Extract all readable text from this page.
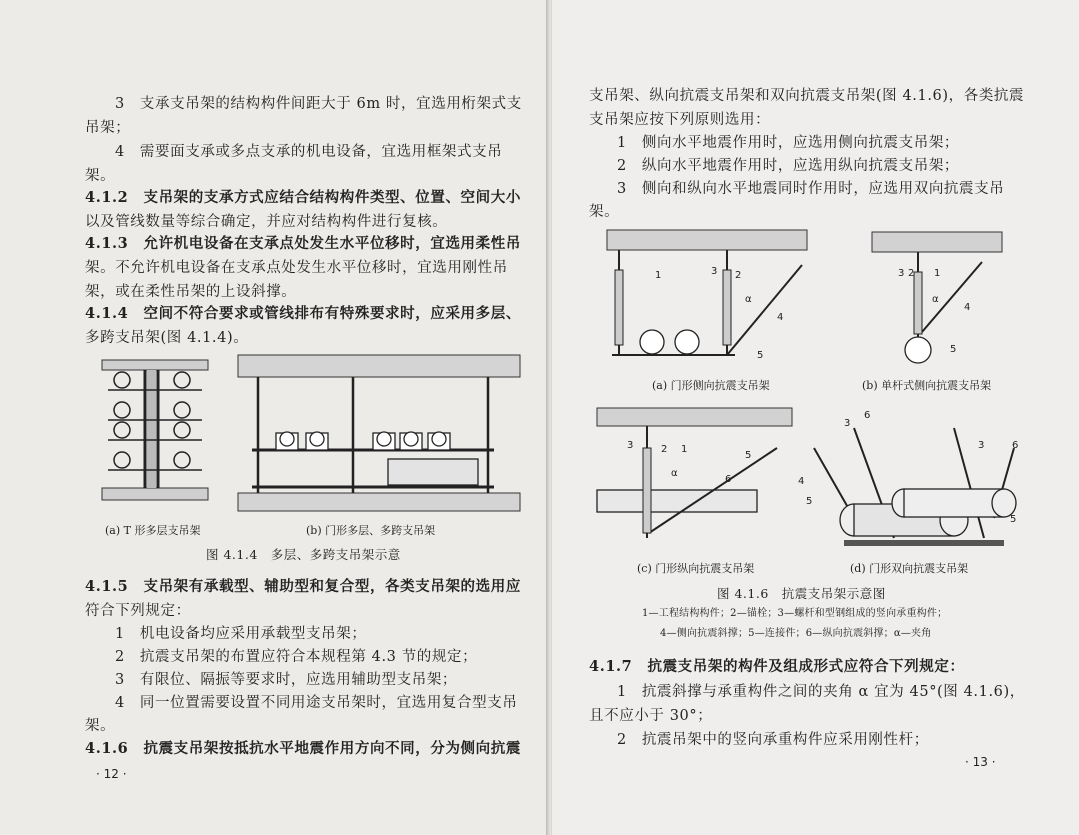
3　支承支吊架的结构构件间距大于 6m 时，宜选用桁架式支
吊架；
4　需要面支承或多点支承的机电设备，宜选用框架式支吊
架。
4.1.2　支吊架的支承方式应结合结构构件类型、位置、空间大小
以及管线数量等综合确定，并应对结构构件进行复核。
4.1.3　允许机电设备在支承点处发生水平位移时，宜选用柔性吊
架。不允许机电设备在支承点处发生水平位移时，宜选用刚性吊
架，或在柔性吊架的上设斜撑。
4.1.4　空间不符合要求或管线排布有特殊要求时，应采用多层、
多跨支吊架(图 4.1.4)。
(a) T 形多层支吊架	(b) 门形多层、多跨支吊架
图 4.1.4　多层、多跨支吊架示意
4.1.5　支吊架有承载型、辅助型和复合型，各类支吊架的选用应
符合下列规定：
1　机电设备均应采用承载型支吊架；
2　抗震支吊架的布置应符合本规程第 4.3 节的规定；
3　有限位、隔振等要求时，应选用辅助型支吊架；
4　同一位置需要设置不同用途支吊架时，宜选用复合型支吊
架。
4.1.6　抗震支吊架按抵抗水平地震作用方向不同，分为侧向抗震
· 12 ·
支吊架、纵向抗震支吊架和双向抗震支吊架(图 4.1.6)，各类抗震
支吊架应按下列原则选用：
1　侧向水平地震作用时，应选用侧向抗震支吊架；
2　纵向水平地震作用时，应选用纵向抗震支吊架；
3　侧向和纵向水平地震同时作用时，应选用双向抗震支吊
架。
1	3 2
α
4
5
3 2 1
α
4
5
(a) 门形侧向抗震支吊架	(b) 单杆式侧向抗震支吊架
3	2 1
α
6
5
3
6
3	6
4
5
5
(c) 门形纵向抗震支吊架	(d) 门形双向抗震支吊架
图 4.1.6　抗震支吊架示意图
1—工程结构构件；2—锚栓；3—螺杆和型钢组成的竖向承重构件；
4—侧向抗震斜撑；5—连接件；6—纵向抗震斜撑；α—夹角
4.1.7　抗震支吊架的构件及组成形式应符合下列规定：
1　抗震斜撑与承重构件之间的夹角 α 宜为 45°(图 4.1.6)，
且不应小于 30°；
2　抗震吊架中的竖向承重构件应采用刚性杆；
· 13 ·
